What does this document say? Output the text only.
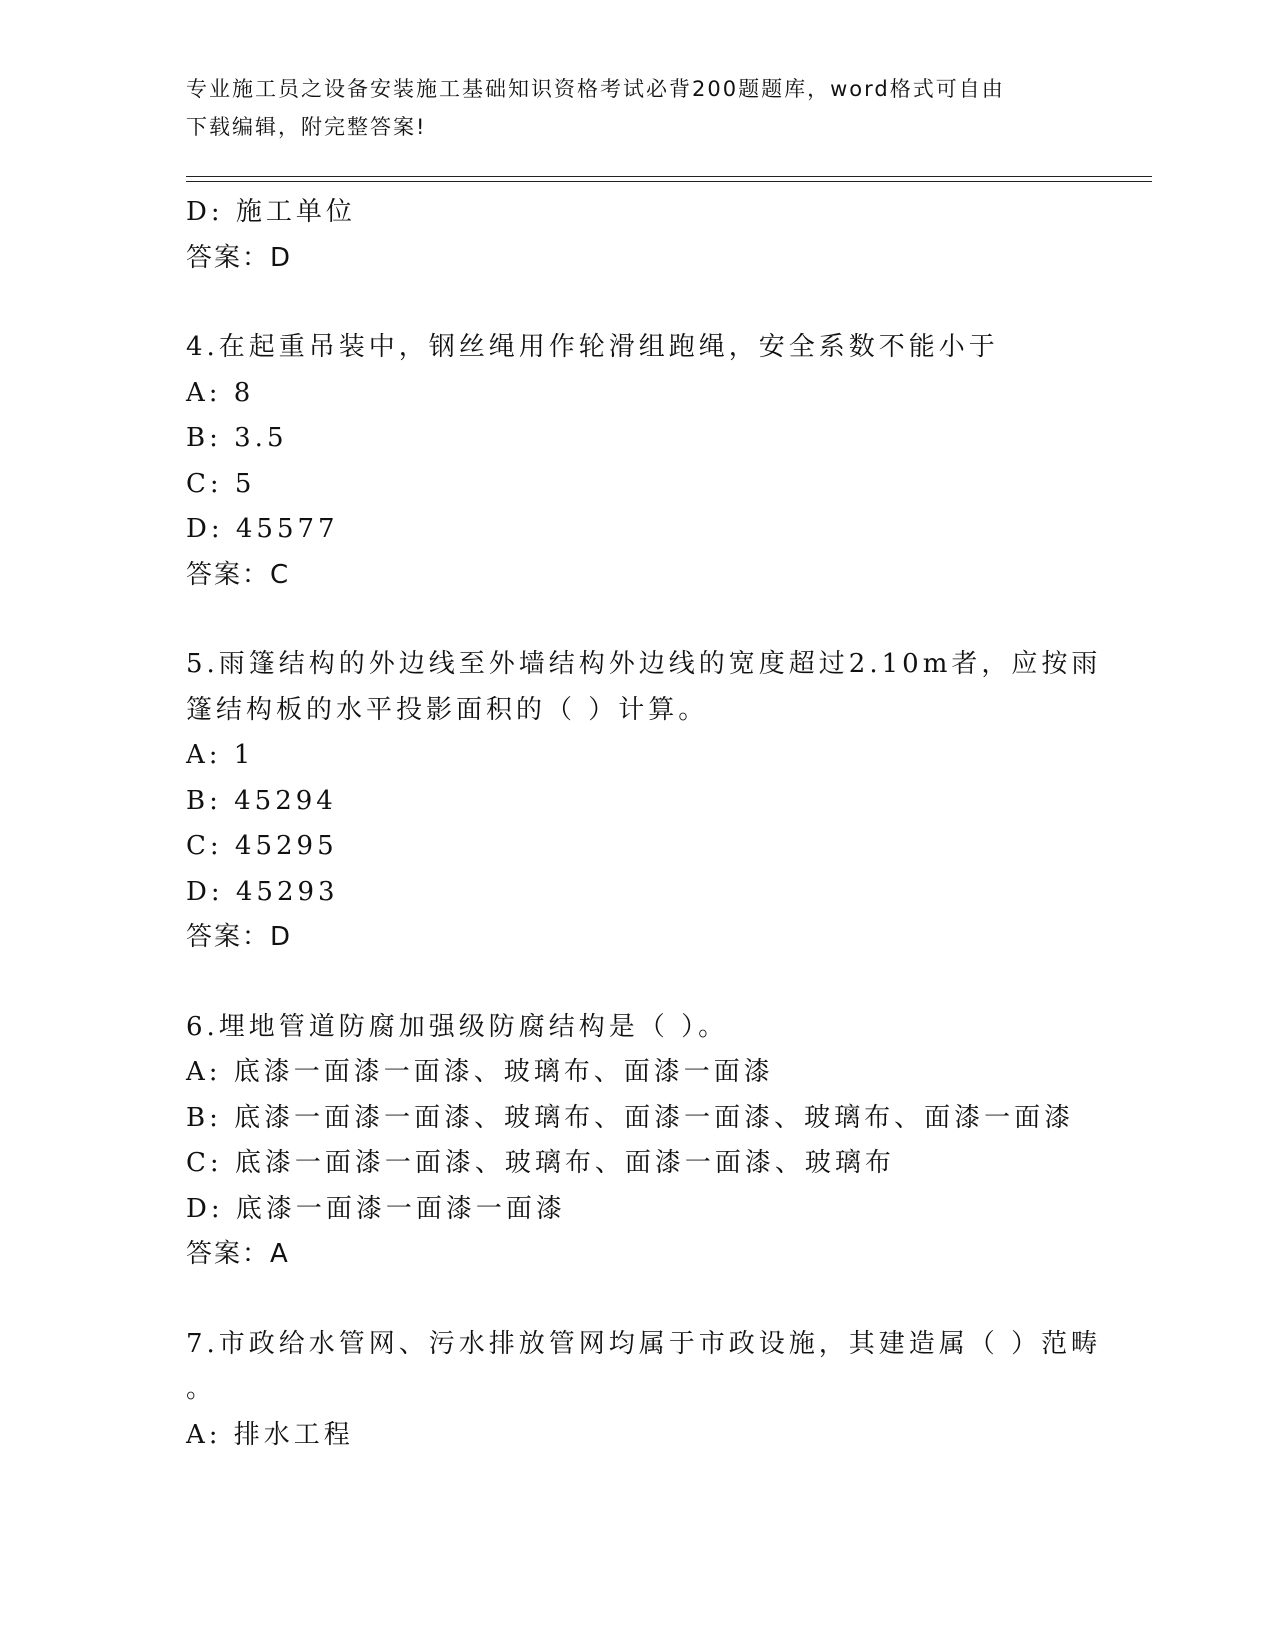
专业施工员之设备安装施工基础知识资格考试必背200题题库，word格式可自由
下载编辑，附完整答案!
D: 施工单位
答案：D
4.在起重吊装中，钢丝绳用作轮滑组跑绳，安全系数不能小于
A: 8
B: 3.5
C: 5
D: 45577
答案：C
5.雨篷结构的外边线至外墙结构外边线的宽度超过2.10m者，应按雨
篷结构板的水平投影面积的（ ）计算。
A: 1
B: 45294
C: 45295
D: 45293
答案：D
6.埋地管道防腐加强级防腐结构是（ ）。
A: 底漆一面漆一面漆、玻璃布、面漆一面漆
B: 底漆一面漆一面漆、玻璃布、面漆一面漆、玻璃布、面漆一面漆
C: 底漆一面漆一面漆、玻璃布、面漆一面漆、玻璃布
D: 底漆一面漆一面漆一面漆
答案：A
7.市政给水管网、污水排放管网均属于市政设施，其建造属（ ）范畴
。
A: 排水工程
